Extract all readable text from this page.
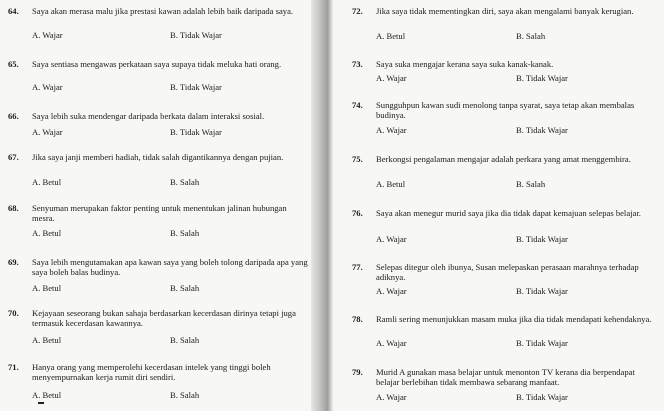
64. Saya akan merasa malu jika prestasi kawan adalah lebih baik daripada saya.
A. Wajar	B. Tidak Wajar
65. Saya sentiasa mengawas perkataan saya supaya tidak meluka hati orang.
A. Wajar	B. Tidak Wajar
66. Saya lebih suka mendengar daripada berkata dalam interaksi sosial.
A. Wajar	B. Tidak Wajar
67. Jika saya janji memberi hadiah, tidak salah digantikannya dengan pujian.
A. Betul	B. Salah
68. Senyuman merupakan faktor penting untuk menentukan jalinan hubungan mesra.
A. Betul	B. Salah
69. Saya lebih mengutamakan apa kawan saya yang boleh tolong daripada apa yang saya boleh balas budinya.
A. Betul	B. Salah
70. Kejayaan seseorang bukan sahaja berdasarkan kecerdasan dirinya tetapi juga termasuk kecerdasan kawannya.
A. Betul	B. Salah
71. Hanya orang yang memperolehi kecerdasan intelek yang tinggi boleh menyempurnakan kerja rumit diri sendiri.
A. Betul	B. Salah
72. Jika saya tidak mementingkan diri, saya akan mengalami banyak kerugian.
A. Betul	B. Salah
73. Saya suka mengajar kerana saya suka kanak-kanak.
A. Wajar	B. Tidak Wajar
74. Sungguhpun kawan sudi menolong tanpa syarat, saya tetap akan membalas budinya.
A. Wajar	B. Tidak Wajar
75. Berkongsi pengalaman mengajar adalah perkara yang amat menggembira.
A. Betul	B. Salah
76. Saya akan menegur murid saya jika dia tidak dapat kemajuan selepas belajar.
A. Wajar	B. Tidak Wajar
77. Selepas ditegur oleh ibunya, Susan melepaskan perasaan marahnya terhadap adiknya.
A. Wajar	B. Tidak Wajar
78. Ramli sering menunjukkan masam muka jika dia tidak mendapati kehendaknya.
A. Wajar	B. Tidak Wajar
79. Murid A gunakan masa belajar untuk menonton TV kerana dia berpendapat belajar berlebihan tidak membawa sebarang manfaat.
A. Wajar	B. Tidak Wajar
